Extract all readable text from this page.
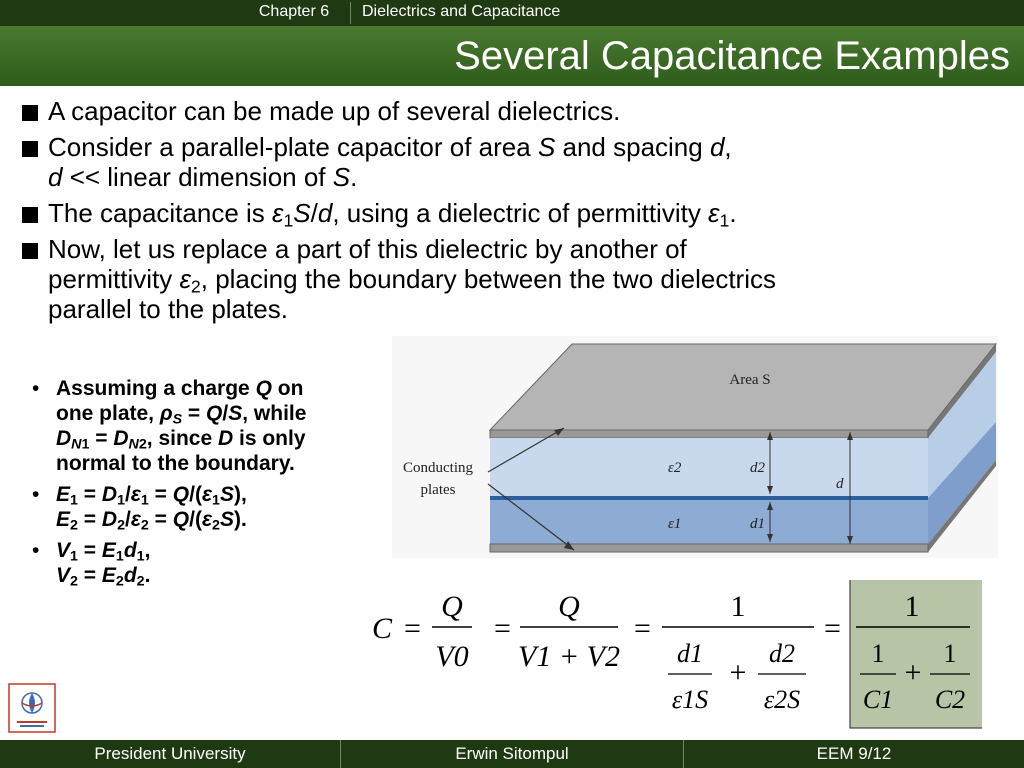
Chapter 6	Dielectrics and Capacitance
Several Capacitance Examples
A capacitor can be made up of several dielectrics.
Consider a parallel-plate capacitor of area S and spacing d,
d << linear dimension of S.
The capacitance is $\varepsilon_1S/d$, using a dielectric of permittivity $\varepsilon_1$.
Now, let us replace a part of this dielectric by another of
permittivity $\varepsilon_2$, placing the boundary between the two dielectrics
parallel to the plates.
• Assuming a charge Q on
one plate, $\rho_S = Q/S$, while
$D_{N1} = D_{N2}$, since D is only
normal to the boundary.
• $E_1 = D_1/\varepsilon_1 = Q/(\varepsilon_1S)$,
$E_2 = D_2/\varepsilon_2 = Q/(\varepsilon_2S)$.
• $V_1 = E_1d_1$,
$V_2 = E_2d_2$.
Area S
Conducting
plates
ε2
ε1
d2
d1
d
C =
Q
V0
=
Q
V1 + V2
=
1
d1
ε1S
+
d2
ε2S
=
1
1
C1
+
1
C2
President University	Erwin Sitompul	EEM 9/12
